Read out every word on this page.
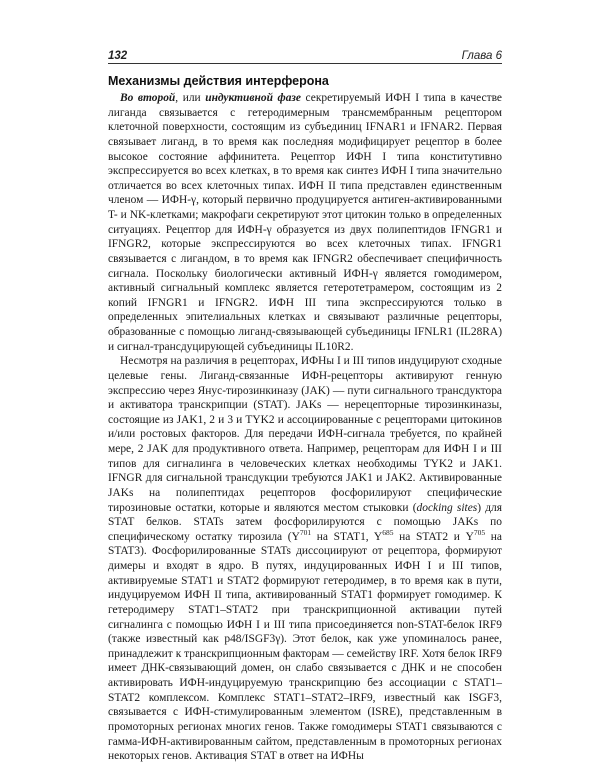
132	Глава 6
Механизмы действия интерферона

Во второй, или индуктивной фазе секретируемый ИФН I типа в качестве лиганда связывается с гетеродимерным трансмембранным рецептором клеточной поверхности, состоящим из субъединиц IFNAR1 и IFNAR2. Первая связывает лиганд, в то время как последняя модифицирует рецептор в более высокое состояние аффинитета. Рецептор ИФН I типа конститутивно экспрессируется во всех клетках, в то время как синтез ИФН I типа значительно отличается во всех клеточных типах. ИФН II типа представлен единственным членом — ИФН-γ, который первично продуцируется антиген-активированными T- и NK-клетками; макрофаги секретируют этот цитокин только в определенных ситуациях. Рецептор для ИФН-γ образуется из двух полипептидов IFNGR1 и IFNGR2, которые экспрессируются во всех клеточных типах. IFNGR1 связывается с лигандом, в то время как IFNGR2 обеспечивает специфичность сигнала. Поскольку биологически активный ИФН-γ является гомодимером, активный сигнальный комплекс является гетеротетрамером, состоящим из 2 копий IFNGR1 и IFNGR2. ИФН III типа экспрессируются только в определенных эпителиальных клетках и связывают различные рецепторы, образованные с помощью лиганд-связывающей субъединицы IFNLR1 (IL28RA) и сигнал-трансдуцирующей субъединицы IL10R2.

Несмотря на различия в рецепторах, ИФНы I и III типов индуцируют сходные целевые гены. Лиганд-связанные ИФН-рецепторы активируют генную экспрессию через Янус-тирозинкиназу (JAK) — пути сигнального трансдуктора и активатора транскрипции (STAT). JAKs — нерецепторные тирозинкиназы, состоящие из JAK1, 2 и 3 и TYK2 и ассоциированные с рецепторами цитокинов и/или ростовых факторов. Для передачи ИФН-сигнала требуется, по крайней мере, 2 JAK для продуктивного ответа. Например, рецепторам для ИФН I и III типов для сигналинга в человеческих клетках необходимы TYK2 и JAK1. IFNGR для сигнальной трансдукции требуются JAK1 и JAK2. Активированные JAKs на полипептидах рецепторов фосфорилируют специфические тирозиновые остатки, которые и являются местом стыковки (docking sites) для STAT белков. STATs затем фосфорилируются с помощью JAKs по специфическому остатку тирозила ($Y^{701}$ на STAT1, $Y^{685}$ на STAT2 и $Y^{705}$ на STAT3). Фосфорилированные STATs диссоциируют от рецептора, формируют димеры и входят в ядро. В путях, индуцированных ИФН I и III типов, активируемые STAT1 и STAT2 формируют гетеродимер, в то время как в пути, индуцируемом ИФН II типа, активированный STAT1 формирует гомодимер. К гетеродимеру STAT1–STAT2 при транскрипционной активации путей сигналинга с помощью ИФН I и III типа присоединяется non-STAT-белок IRF9 (также известный как p48/ISGF3γ). Этот белок, как уже упоминалось ранее, принадлежит к транскрипционным факторам — семейству IRF. Хотя белок IRF9 имеет ДНК-связывающий домен, он слабо связывается с ДНК и не способен активировать ИФН-индуцируемую транскрипцию без ассоциации с STAT1–STAT2 комплексом. Комплекс STAT1–STAT2–IRF9, известный как ISGF3, связывается с ИФН-стимулированным элементом (ISRE), представленным в промоторных регионах многих генов. Также гомодимеры STAT1 связываются с гамма-ИФН-активированным сайтом, представленным в промоторных регионах некоторых генов. Активация STAT в ответ на ИФНы
